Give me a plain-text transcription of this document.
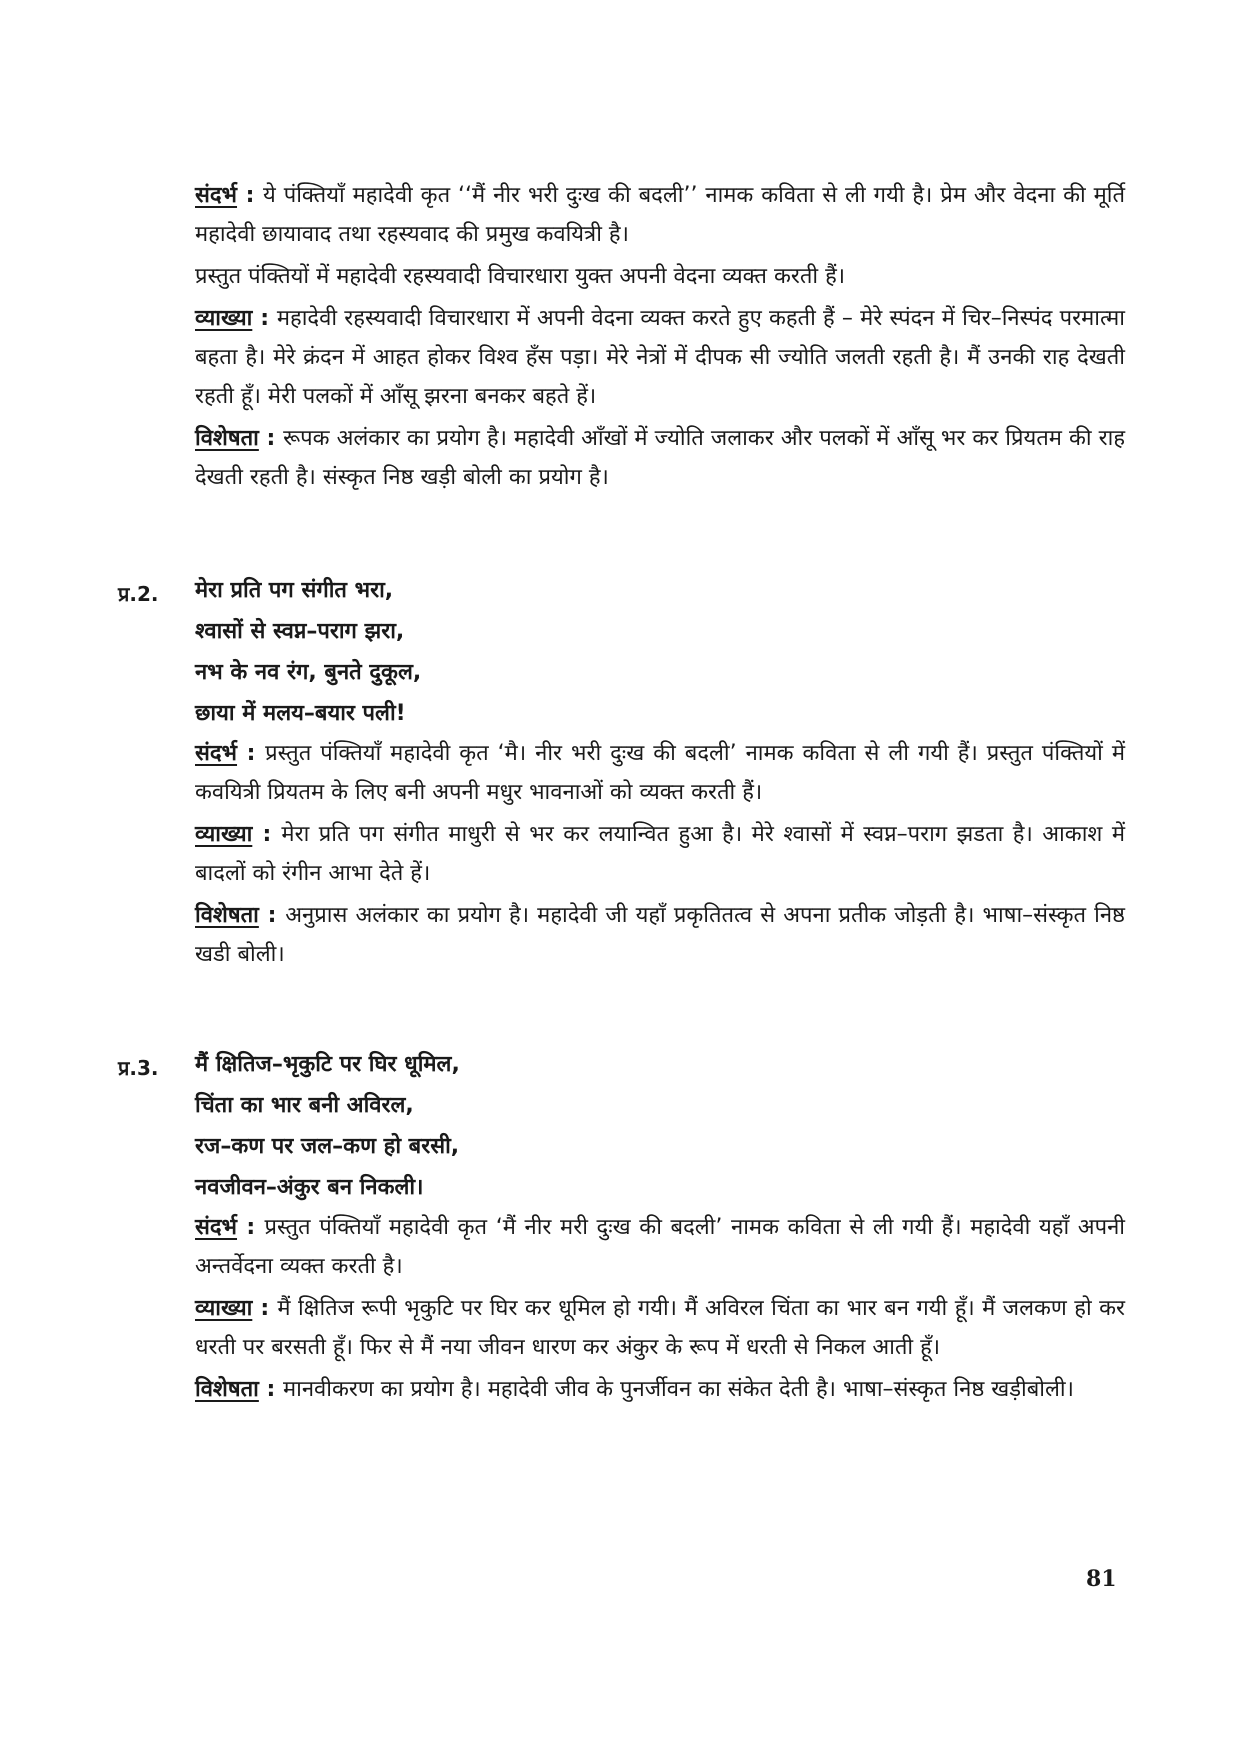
संदर्भ : ये पंक्तियाँ महादेवी कृत ‘‘मैं नीर भरी दुःख की बदली’’ नामक कविता से ली गयी है। प्रेम और वेदना की मूर्ति महादेवी छायावाद तथा रहस्यवाद की प्रमुख कवयित्री है।

प्रस्तुत पंक्तियों में महादेवी रहस्यवादी विचारधारा युक्त अपनी वेदना व्यक्त करती हैं।

व्याख्या : महादेवी रहस्यवादी विचारधारा में अपनी वेदना व्यक्त करते हुए कहती हैं – मेरे स्पंदन में चिर–निस्पंद परमात्मा बहता है। मेरे क्रंदन में आहत होकर विश्व हँस पड़ा। मेरे नेत्रों में दीपक सी ज्योति जलती रहती है। मैं उनकी राह देखती रहती हूँ। मेरी पलकों में आँसू झरना बनकर बहते हें।

विशेषता : रूपक अलंकार का प्रयोग है। महादेवी आँखों में ज्योति जलाकर और पलकों में आँसू भर कर प्रियतम की राह देखती रहती है। संस्कृत निष्ठ खड़ी बोली का प्रयोग है।

प्र.2. मेरा प्रति पग संगीत भरा,

श्वासों से स्वप्न–पराग झरा,

नभ के नव रंग, बुनते दुकूल,

छाया में मलय–बयार पली!

संदर्भ : प्रस्तुत पंक्तियाँ महादेवी कृत ‘मै। नीर भरी दुःख की बदली’ नामक कविता से ली गयी हैं। प्रस्तुत पंक्तियों में कवयित्री प्रियतम के लिए बनी अपनी मधुर भावनाओं को व्यक्त करती हैं।

व्याख्या : मेरा प्रति पग संगीत माधुरी से भर कर लयान्वित हुआ है। मेरे श्वासों में स्वप्न–पराग झडता है। आकाश में बादलों को रंगीन आभा देते हें।

विशेषता : अनुप्रास अलंकार का प्रयोग है। महादेवी जी यहाँ प्रकृतितत्व से अपना प्रतीक जोड़ती है। भाषा–संस्कृत निष्ठ खडी बोली।

प्र.3. मैं क्षितिज–भृकुटि पर घिर धूमिल,

चिंता का भार बनी अविरल,

रज–कण पर जल–कण हो बरसी,

नवजीवन–अंकुर बन निकली।

संदर्भ : प्रस्तुत पंक्तियाँ महादेवी कृत ‘मैं नीर मरी दुःख की बदली’ नामक कविता से ली गयी हैं। महादेवी यहाँ अपनी अन्तर्वेदना व्यक्त करती है।

व्याख्या : मैं क्षितिज रूपी भृकुटि पर घिर कर धूमिल हो गयी। मैं अविरल चिंता का भार बन गयी हूँ। मैं जलकण हो कर धरती पर बरसती हूँ। फिर से मैं नया जीवन धारण कर अंकुर के रूप में धरती से निकल आती हूँ।

विशेषता : मानवीकरण का प्रयोग है। महादेवी जीव के पुनर्जीवन का संकेत देती है। भाषा–संस्कृत निष्ठ खड़ीबोली।

81
